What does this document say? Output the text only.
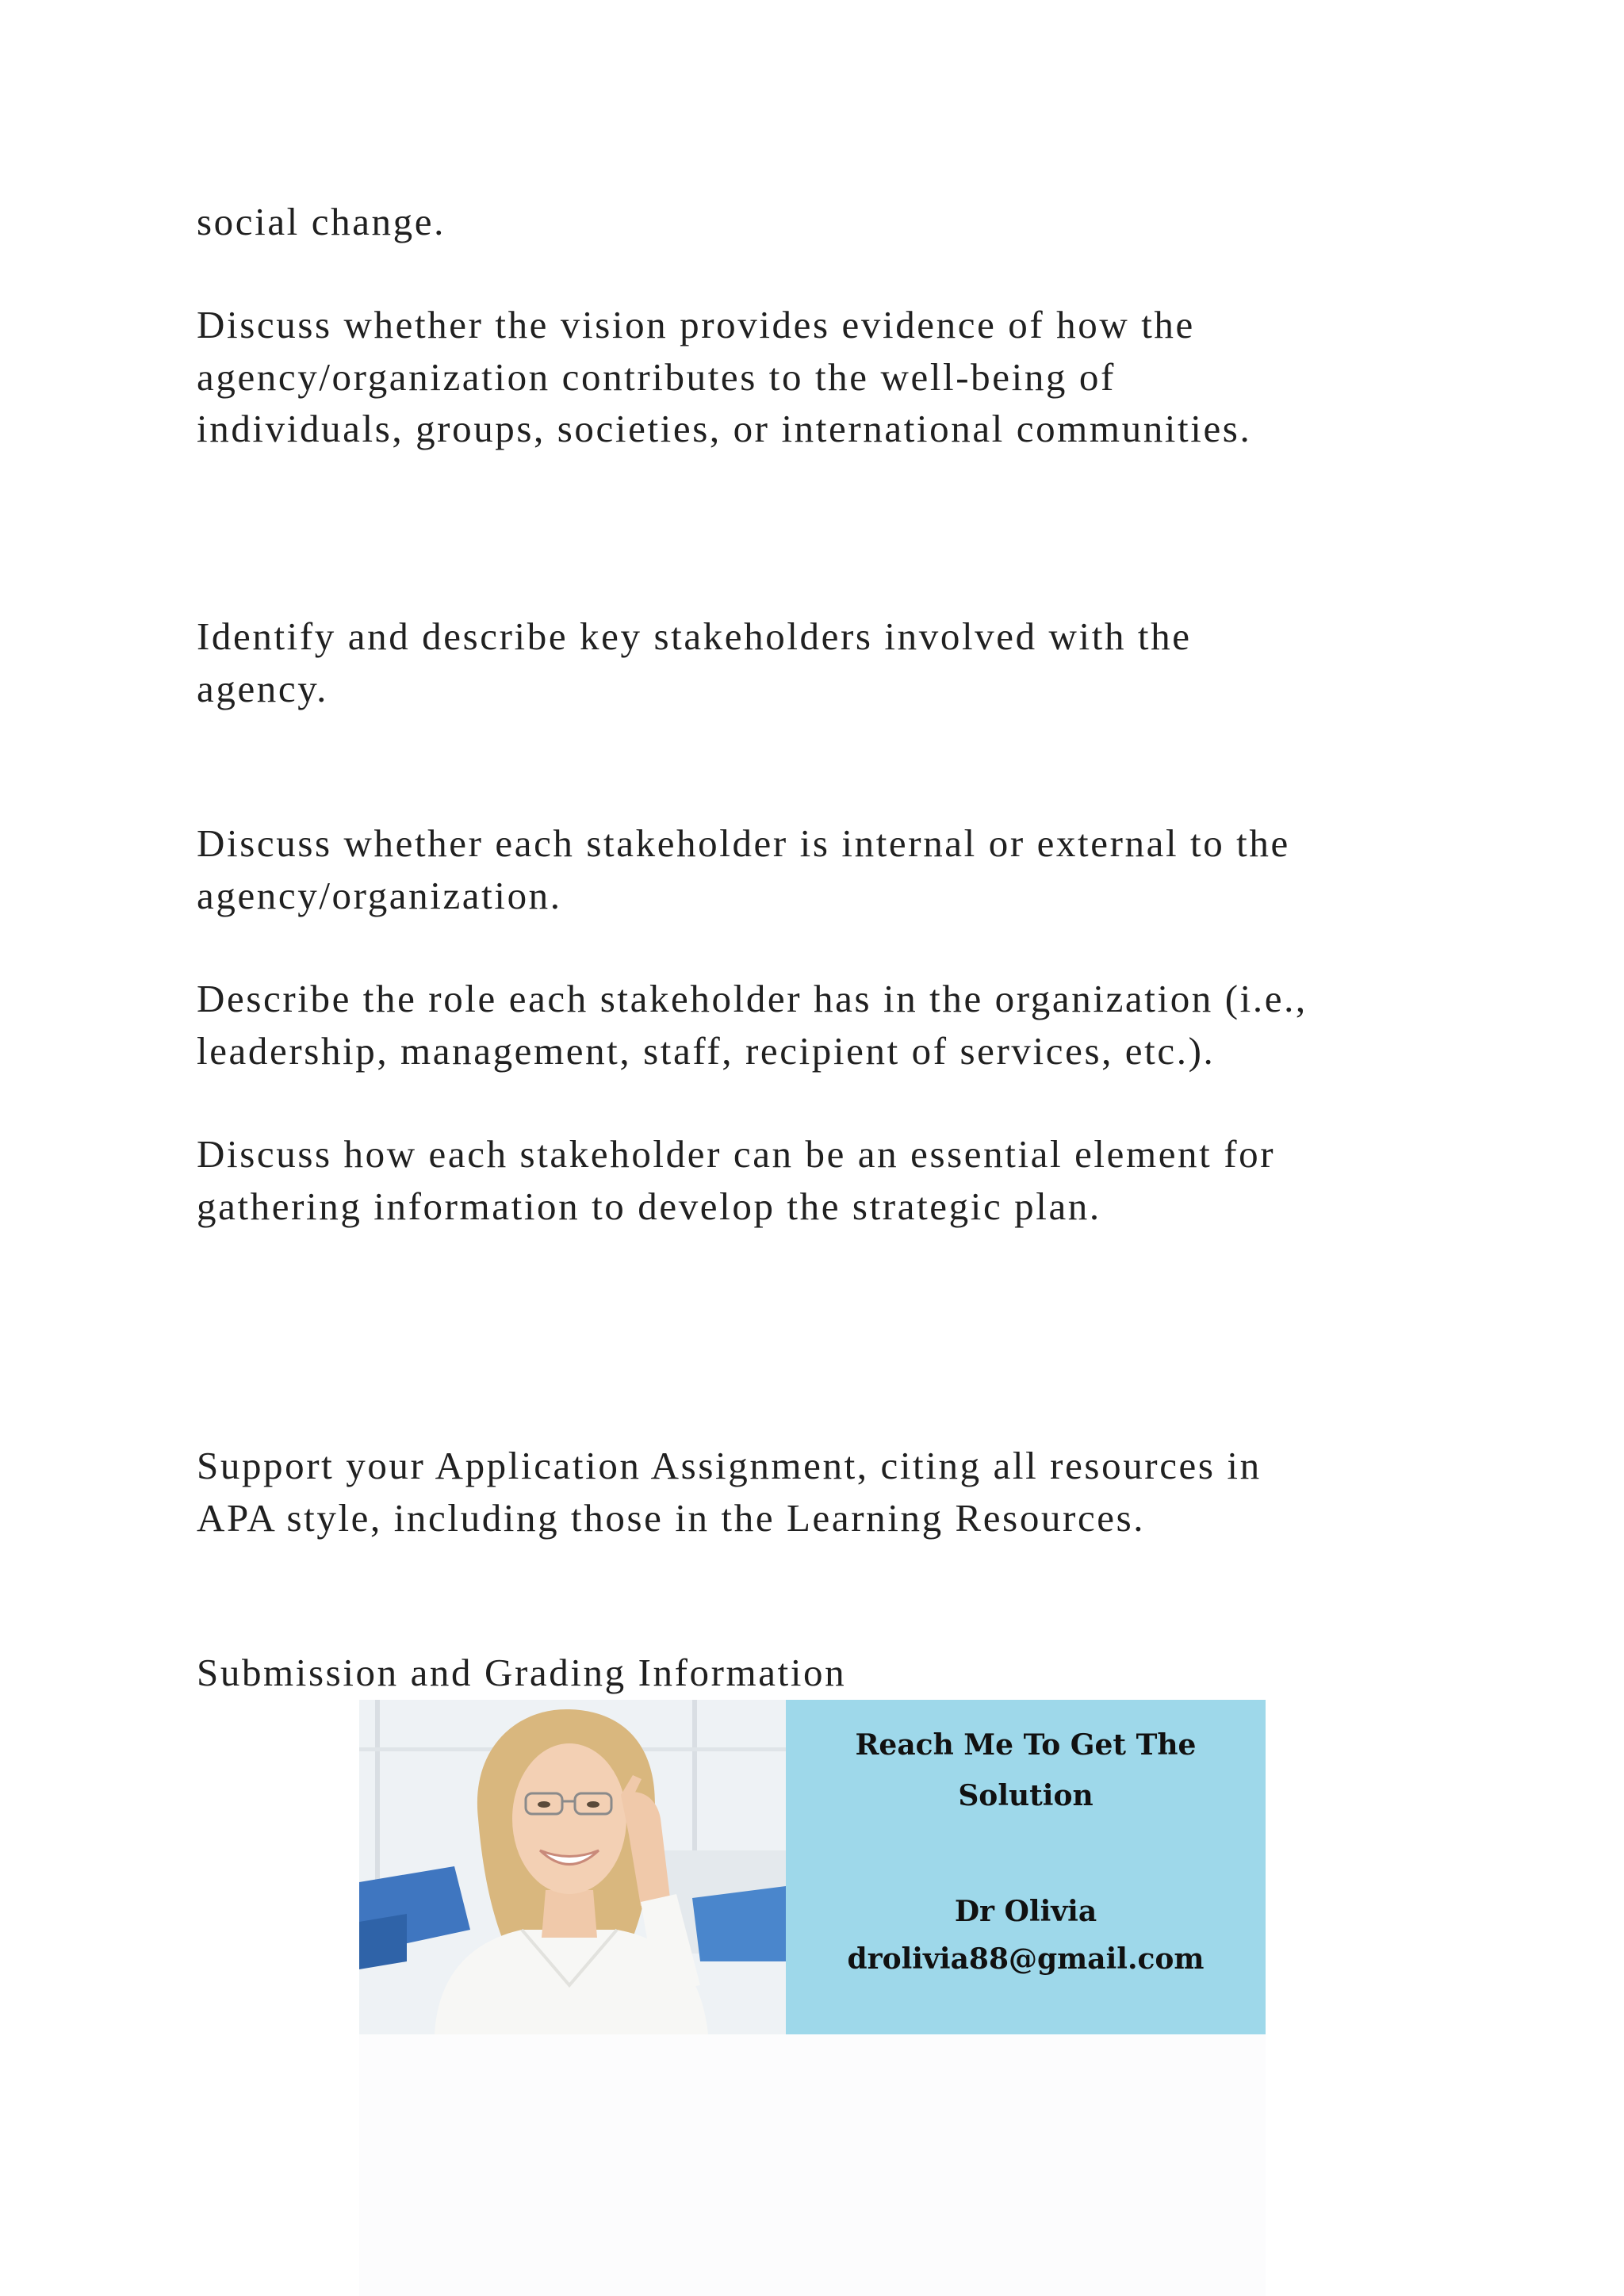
social change.
Discuss whether the vision provides evidence of how the
agency/organization contributes to the well-being of
individuals, groups, societies, or international communities.
Identify and describe key stakeholders involved with the
agency.
Discuss whether each stakeholder is internal or external to the
agency/organization.
Describe the role each stakeholder has in the organization (i.e.,
leadership, management, staff, recipient of services, etc.).
Discuss how each stakeholder can be an essential element for
gathering information to develop the strategic plan.
Support your Application Assignment, citing all resources in
APA style, including those in the Learning Resources.
Submission and Grading Information
Reach Me To Get The
Solution
Dr Olivia
drolivia88@gmail.com
